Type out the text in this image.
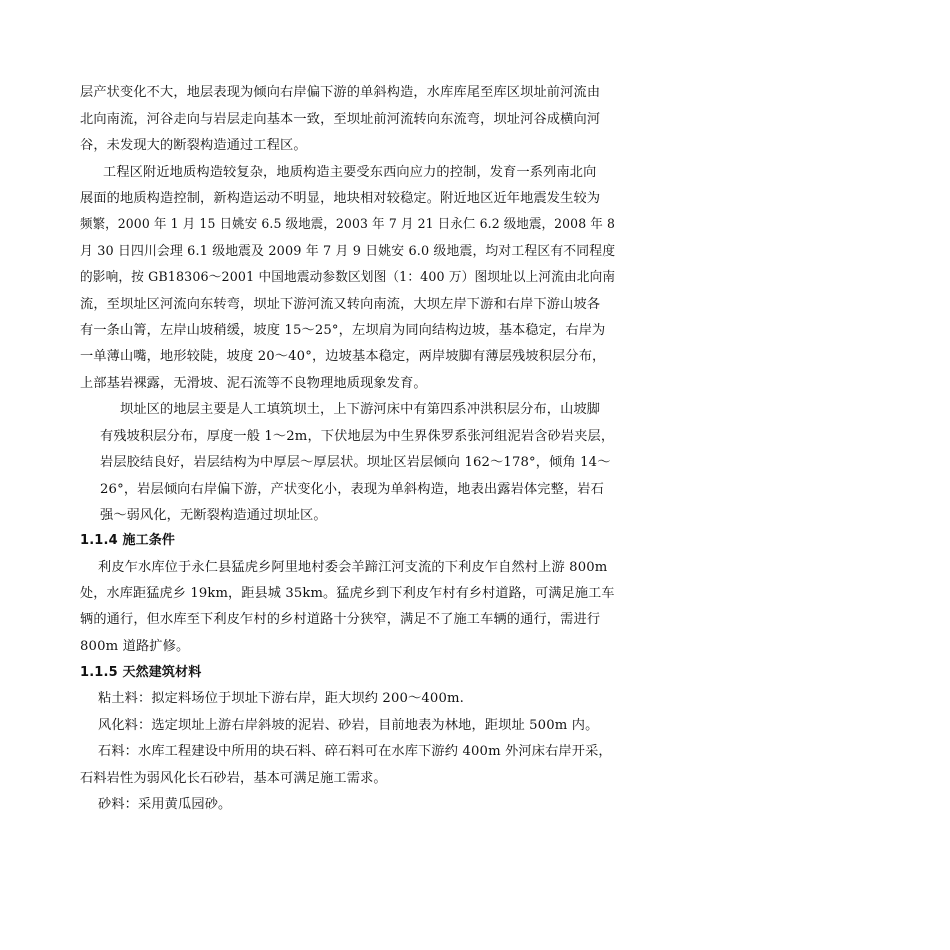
层产状变化不大，地层表现为倾向右岸偏下游的单斜构造，水库库尾至库区坝址前河流由
北向南流，河谷走向与岩层走向基本一致，至坝址前河流转向东流弯，坝址河谷成横向河
谷，未发现大的断裂构造通过工程区。
工程区附近地质构造较复杂，地质构造主要受东西向应力的控制，发育一系列南北向
展面的地质构造控制，新构造运动不明显，地块相对较稳定。附近地区近年地震发生较为
频繁，2000 年 1 月 15 日姚安 6.5 级地震，2003 年 7 月 21 日永仁 6.2 级地震，2008 年 8
月 30 日四川会理 6.1 级地震及 2009 年 7 月 9 日姚安 6.0 级地震，均对工程区有不同程度
的影响，按 GB18306～2001 中国地震动参数区划图（1：400 万）图坝址以上河流由北向南
流，至坝址区河流向东转弯，坝址下游河流又转向南流，大坝左岸下游和右岸下游山坡各
有一条山箐，左岸山坡稍缓，坡度 15～25°，左坝肩为同向结构边坡，基本稳定，右岸为
一单薄山嘴，地形较陡，坡度 20～40°，边坡基本稳定，两岸坡脚有薄层残坡积层分布，
上部基岩裸露，无滑坡、泥石流等不良物理地质现象发育。
坝址区的地层主要是人工填筑坝土，上下游河床中有第四系冲洪积层分布，山坡脚
有残坡积层分布，厚度一般 1～2m，下伏地层为中生界侏罗系张河组泥岩含砂岩夹层，
岩层胶结良好，岩层结构为中厚层～厚层状。坝址区岩层倾向 162～178°，倾角 14～
26°，岩层倾向右岸偏下游，产状变化小，表现为单斜构造，地表出露岩体完整，岩石
强～弱风化，无断裂构造通过坝址区。
1.1.4 施工条件
利皮乍水库位于永仁县猛虎乡阿里地村委会羊蹄江河支流的下利皮乍自然村上游 800m
处，水库距猛虎乡 19km，距县城 35km。猛虎乡到下利皮乍村有乡村道路，可满足施工车
辆的通行，但水库至下利皮乍村的乡村道路十分狭窄，满足不了施工车辆的通行，需进行
800m 道路扩修。
1.1.5 天然建筑材料
粘土料：拟定料场位于坝址下游右岸，距大坝约 200～400m.
风化料：选定坝址上游右岸斜坡的泥岩、砂岩，目前地表为林地，距坝址 500m 内。
石料：水库工程建设中所用的块石料、碎石料可在水库下游约 400m 外河床右岸开采，
石料岩性为弱风化长石砂岩，基本可满足施工需求。
砂料：采用黄瓜园砂。
